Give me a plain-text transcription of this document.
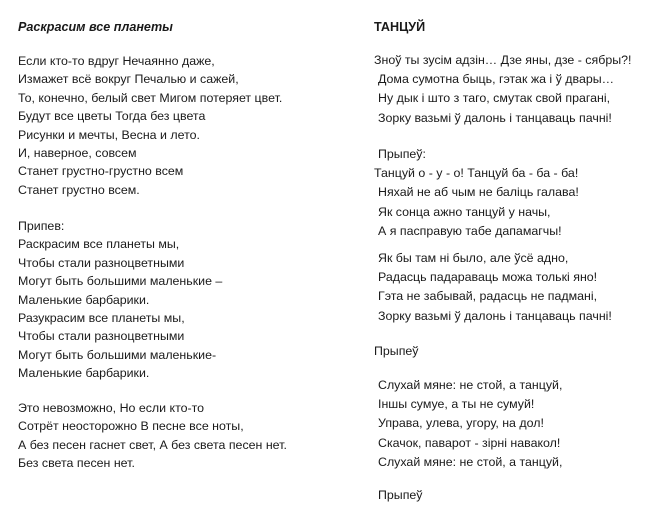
Раскрасим все планеты
Если кто-то вдруг Нечаянно даже,
Измажет всё вокруг Печалью и сажей,
То, конечно, белый свет Мигом потеряет цвет.
Будут все цветы Тогда без цвета
Рисунки и мечты, Весна и лето.
И, наверное, совсем
Станет грустно-грустно всем
Станет грустно всем.
Припев:
Раскрасим все планеты мы,
Чтобы стали разноцветными
Могут быть большими маленькие –
Маленькие барбарики.
Разукрасим все планеты мы,
Чтобы стали разноцветными
Могут быть большими маленькие-
Маленькие барбарики.
Это невозможно, Но если кто-то
Сотрёт неосторожно В песне все ноты,
А без песен гаснет свет, А без света песен нет.
Без света песен нет.
ТАНЦУЙ
Зноў ты зусім адзін… Дзе яны, дзе - сябры?!
Дома сумотна быць, гэтак жа і ў двары…
Ну дык і што з таго, смутак свой прагані,
Зорку вазьмі ў далонь і танцаваць пачні!
Прыпеў:
Танцуй о - у - о! Танцуй ба - ба - ба!
Няхай не аб чым не баліць галава!
Як сонца ажно танцуй у начы,
А я пасправую табе дапамагчы!
Як бы там ні было, але ўсё адно,
Радасць падараваць можа толькі яно!
Гэта не забывай, радасць не падмані,
Зорку вазьмі ў далонь і танцаваць пачні!
Прыпеў
Слухай мяне: не стой, а танцуй,
Іншы сумуе, а ты не сумуй!
Управа, улева, угору, на дол!
Скачок, паварот - зірні навакол!
Слухай мяне: не стой, а танцуй,
Прыпеў
